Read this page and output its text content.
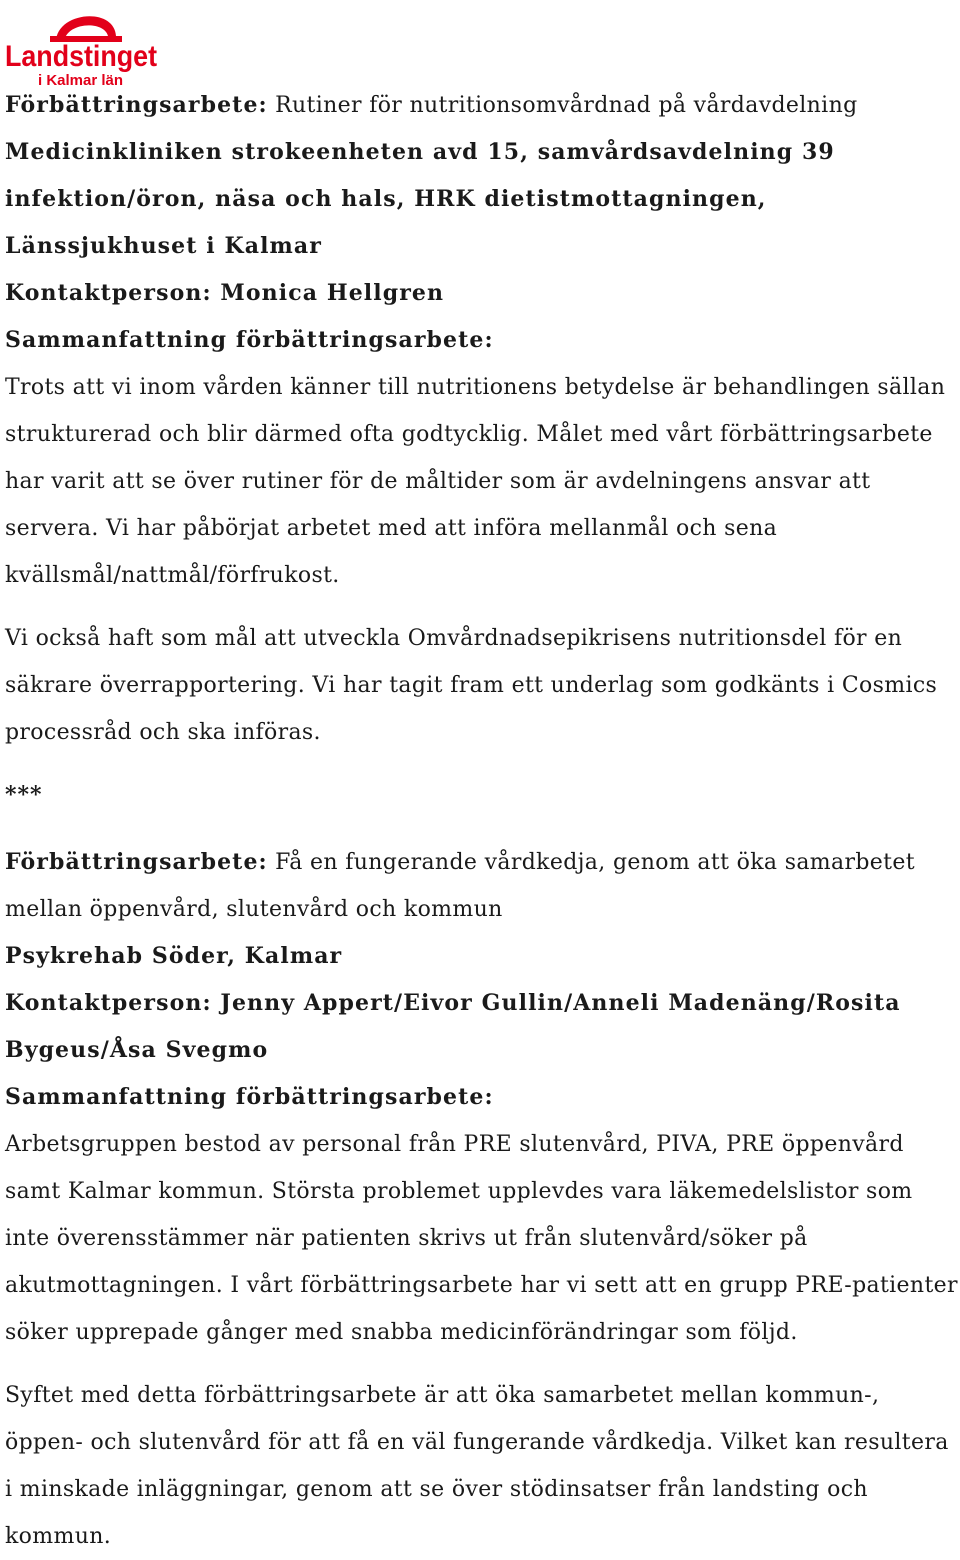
Landstinget
i Kalmar län

Förbättringsarbete: Rutiner för nutritionsomvårdnad på vårdavdelning

Medicinkliniken strokeenheten avd 15, samvårdsavdelning 39

infektion/öron, näsa och hals, HRK dietistmottagningen,

Länssjukhuset i Kalmar

Kontaktperson: Monica Hellgren

Sammanfattning förbättringsarbete:

Trots att vi inom vården känner till nutritionens betydelse är behandlingen sällan strukturerad och blir därmed ofta godtycklig. Målet med vårt förbättringsarbete har varit att se över rutiner för de måltider som är avdelningens ansvar att servera. Vi har påbörjat arbetet med att införa mellanmål och sena kvällsmål/nattmål/förfrukost.

Vi också haft som mål att utveckla Omvårdnadsepikrisens nutritionsdel för en säkrare överrapportering. Vi har tagit fram ett underlag som godkänts i Cosmics processråd och ska införas.

***

Förbättringsarbete: Få en fungerande vårdkedja, genom att öka samarbetet mellan öppenvård, slutenvård och kommun

Psykrehab Söder, Kalmar

Kontaktperson: Jenny Appert/Eivor Gullin/Anneli Madenäng/Rosita Bygeus/Åsa Svegmo

Sammanfattning förbättringsarbete:

Arbetsgruppen bestod av personal från PRE slutenvård, PIVA, PRE öppenvård samt Kalmar kommun. Största problemet upplevdes vara läkemedelslistor som inte överensstämmer när patienten skrivs ut från slutenvård/söker på akutmottagningen. I vårt förbättringsarbete har vi sett att en grupp PRE-patienter söker upprepade gånger med snabba medicinförändringar som följd.

Syftet med detta förbättringsarbete är att öka samarbetet mellan kommun-, öppen- och slutenvård för att få en väl fungerande vårdkedja. Vilket kan resultera i minskade inläggningar, genom att se över stödinsatser från landsting och kommun.
